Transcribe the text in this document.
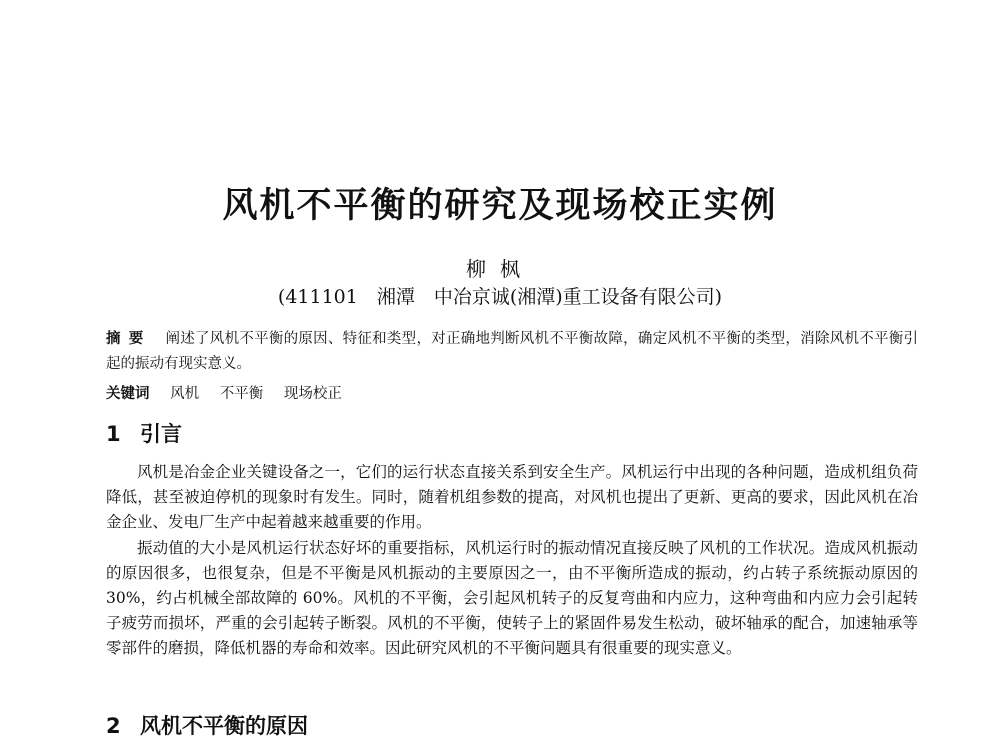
风机不平衡的研究及现场校正实例
柳枫
(411101　湘潭　中冶京诚(湘潭)重工设备有限公司)
摘要 阐述了风机不平衡的原因、特征和类型，对正确地判断风机不平衡故障，确定风机不平衡的类型，消除风机不平衡引起的振动有现实意义。
关键词 风机 不平衡 现场校正
1 引言

风机是冶金企业关键设备之一，它们的运行状态直接关系到安全生产。风机运行中出现的各种问题，造成机组负荷降低，甚至被迫停机的现象时有发生。同时，随着机组参数的提高，对风机也提出了更新、更高的要求，因此风机在冶金企业、发电厂生产中起着越来越重要的作用。

振动值的大小是风机运行状态好坏的重要指标，风机运行时的振动情况直接反映了风机的工作状况。造成风机振动的原因很多，也很复杂，但是不平衡是风机振动的主要原因之一，由不平衡所造成的振动，约占转子系统振动原因的 30%，约占机械全部故障的 60%。风机的不平衡，会引起风机转子的反复弯曲和内应力，这种弯曲和内应力会引起转子疲劳而损坏，严重的会引起转子断裂。风机的不平衡，使转子上的紧固件易发生松动，破坏轴承的配合，加速轴承等零部件的磨损，降低机器的寿命和效率。因此研究风机的不平衡问题具有很重要的现实意义。

2 风机不平衡的原因
